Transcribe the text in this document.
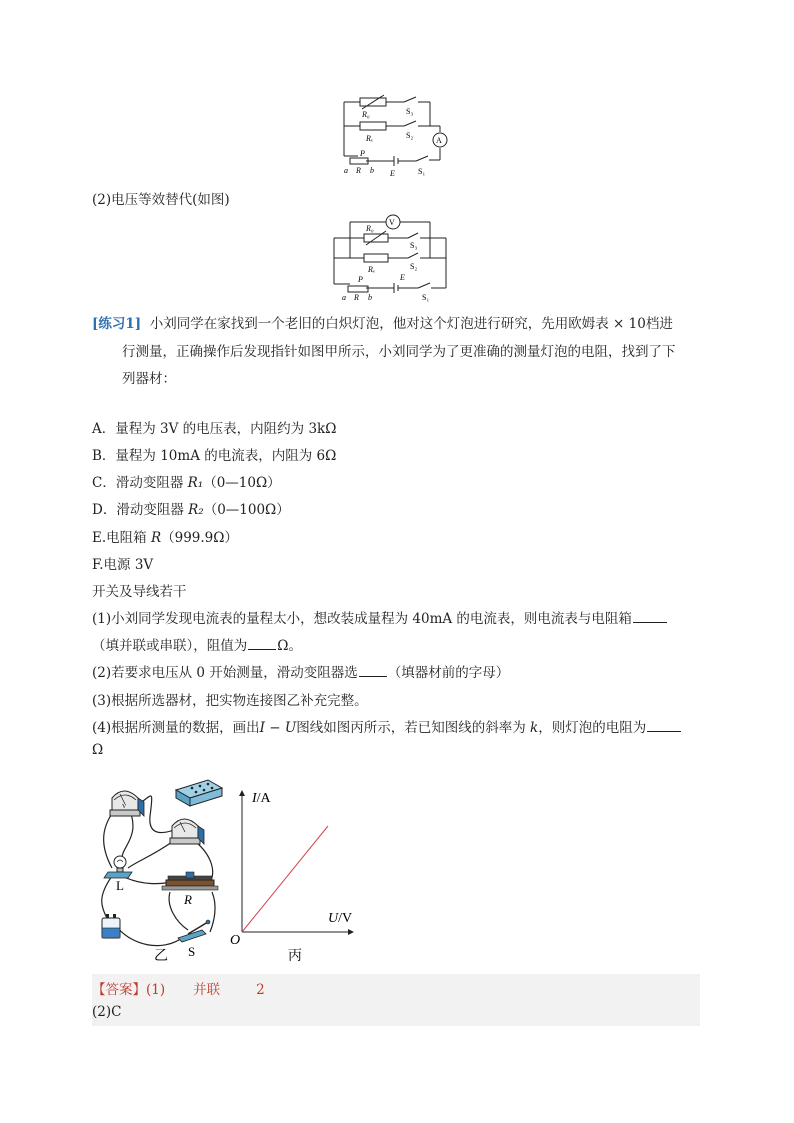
R₀
Rₓ
S₃
S₂
S₁
A
P
a R b E
(2)电压等效替代(如图)
V
R₀
Rₓ
S₃
S₂
S₁
P	E
a R b
[练习1] 小刘同学在家找到一个老旧的白炽灯泡，他对这个灯泡进行研究，先用欧姆表 × 10档进
行测量，正确操作后发现指针如图甲所示，小刘同学为了更准确的测量灯泡的电阻，找到了下
列器材：
A．量程为 3V 的电压表，内阻约为 3kΩ
B．量程为 10mA 的电流表，内阻为 6Ω
C．滑动变阻器 R₁（0—10Ω）
D．滑动变阻器 R₂（0—100Ω）
E.电阻箱 R（999.9Ω）
F.电源 3V
开关及导线若干
(1)小刘同学发现电流表的量程太小，想改装成量程为 40mA 的电流表，则电流表与电阻箱
（填并联或串联），阻值为 Ω。
(2)若要求电压从 0 开始测量，滑动变阻器选 （填器材前的字母）
(3)根据所选器材，把实物连接图乙补充完整。
(4)根据所测量的数据，画出I − U图线如图丙所示，若已知图线的斜率为 k，则灯泡的电阻为
Ω
V
L
R
S
乙
I/A
U/V
O
丙
【答案】(1) 并联	2
(2)C
